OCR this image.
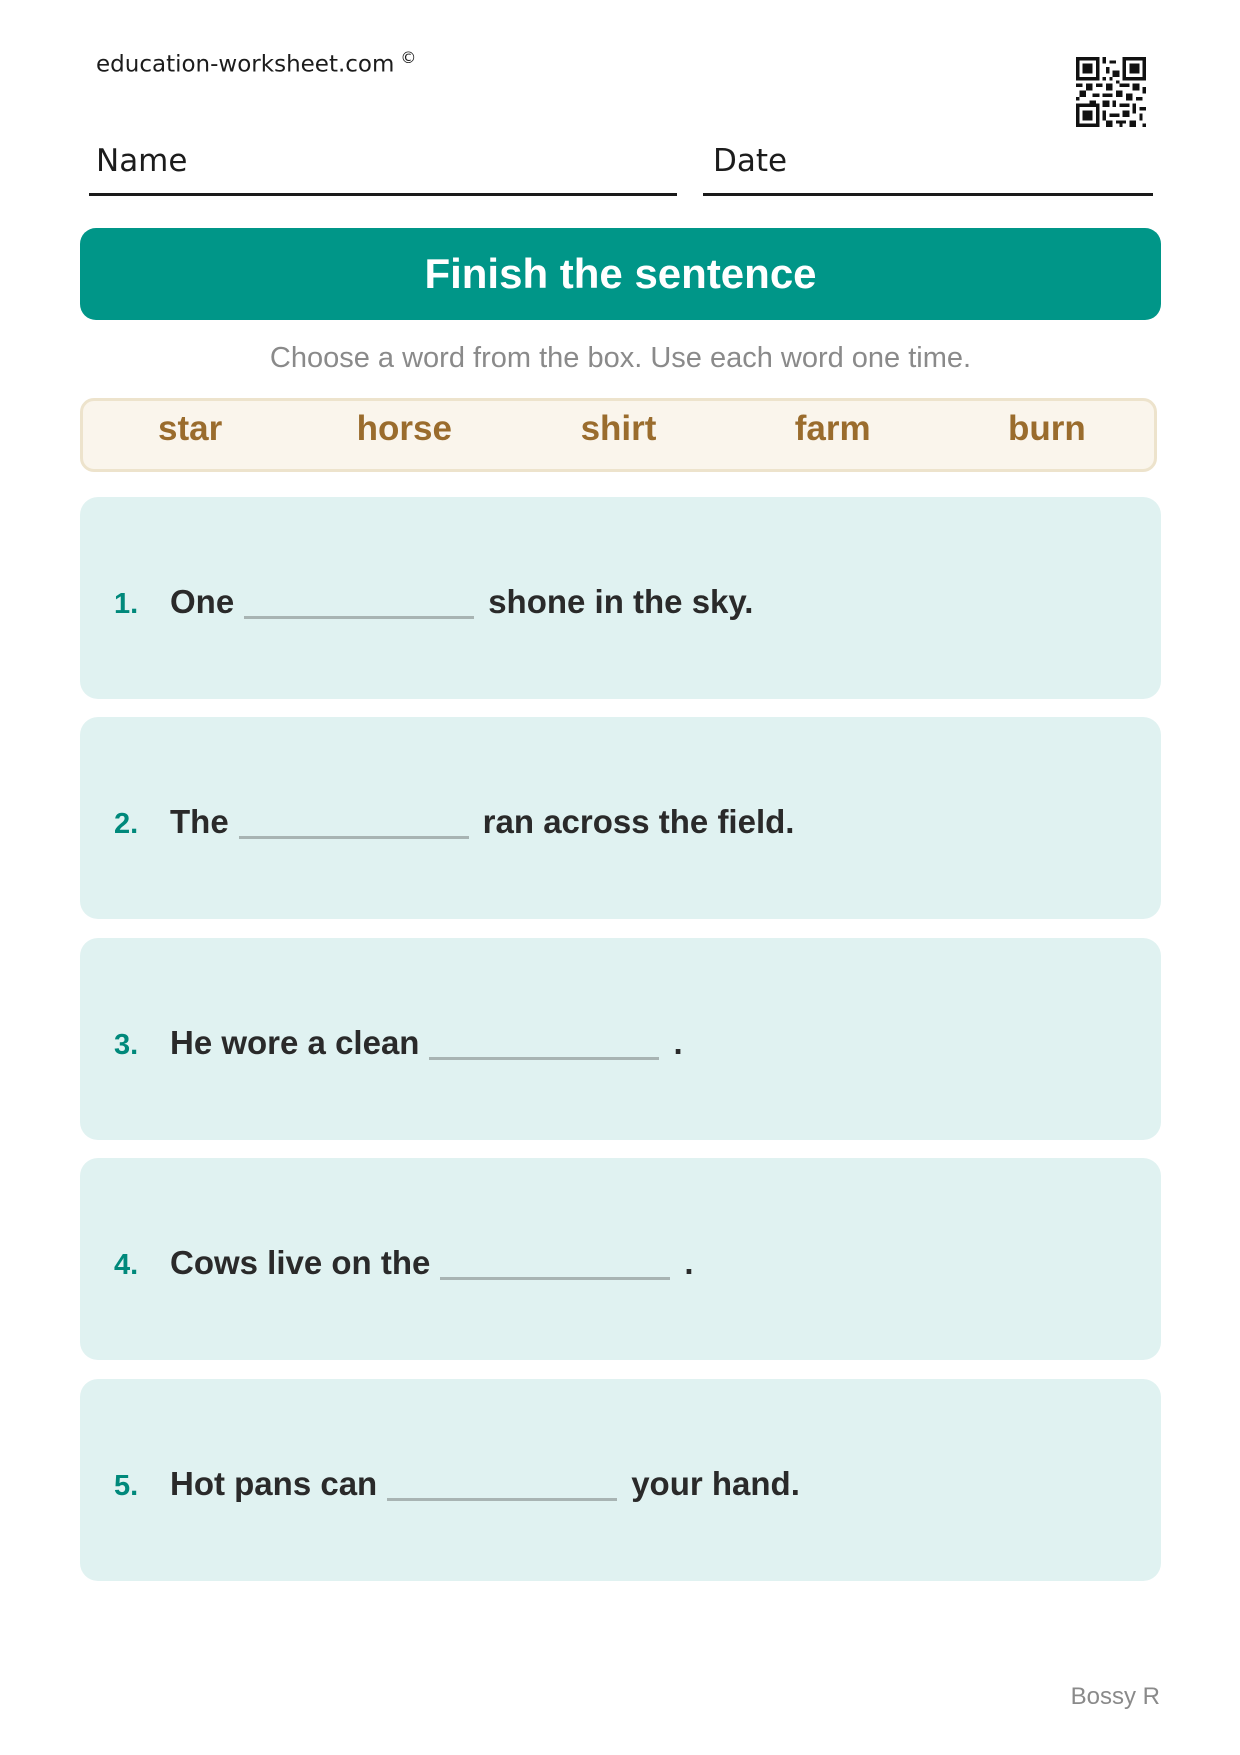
education-worksheet.com ©
Name	Date
Finish the sentence
Choose a word from the box. Use each word one time.
star	horse	shirt	farm	burn
1. One	shone in the sky.
2. The	ran across the field.
3. He wore a clean	.
4. Cows live on the	.
5. Hot pans can	your hand.
Bossy R
